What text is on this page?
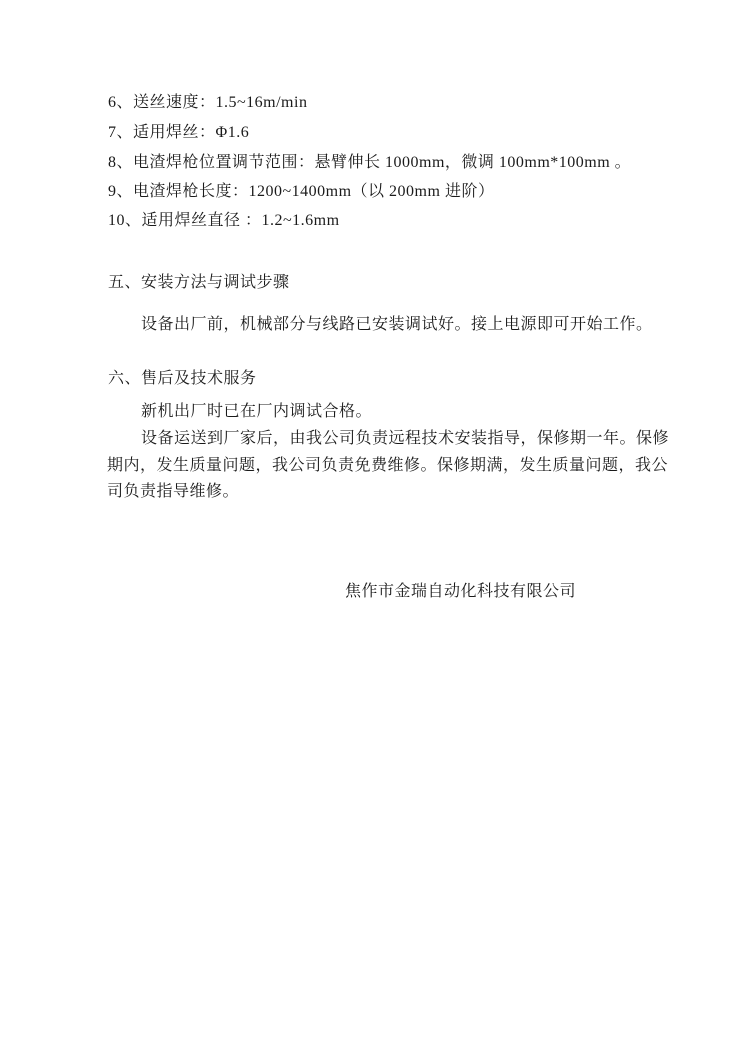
6、送丝速度：1.5~16m/min
7、适用焊丝：Φ1.6
8、电渣焊枪位置调节范围：悬臂伸长 1000mm，微调 100mm*100mm 。
9、电渣焊枪长度：1200~1400mm（以 200mm 进阶）
10、适用焊丝直径 ：1.2~1.6mm
五、安装方法与调试步骤
设备出厂前，机械部分与线路已安装调试好。接上电源即可开始工作。
六、售后及技术服务
新机出厂时已在厂内调试合格。
设备运送到厂家后，由我公司负责远程技术安装指导，保修期一年。保修
期内，发生质量问题，我公司负责免费维修。保修期满，发生质量问题，我公
司负责指导维修。
焦作市金瑞自动化科技有限公司
